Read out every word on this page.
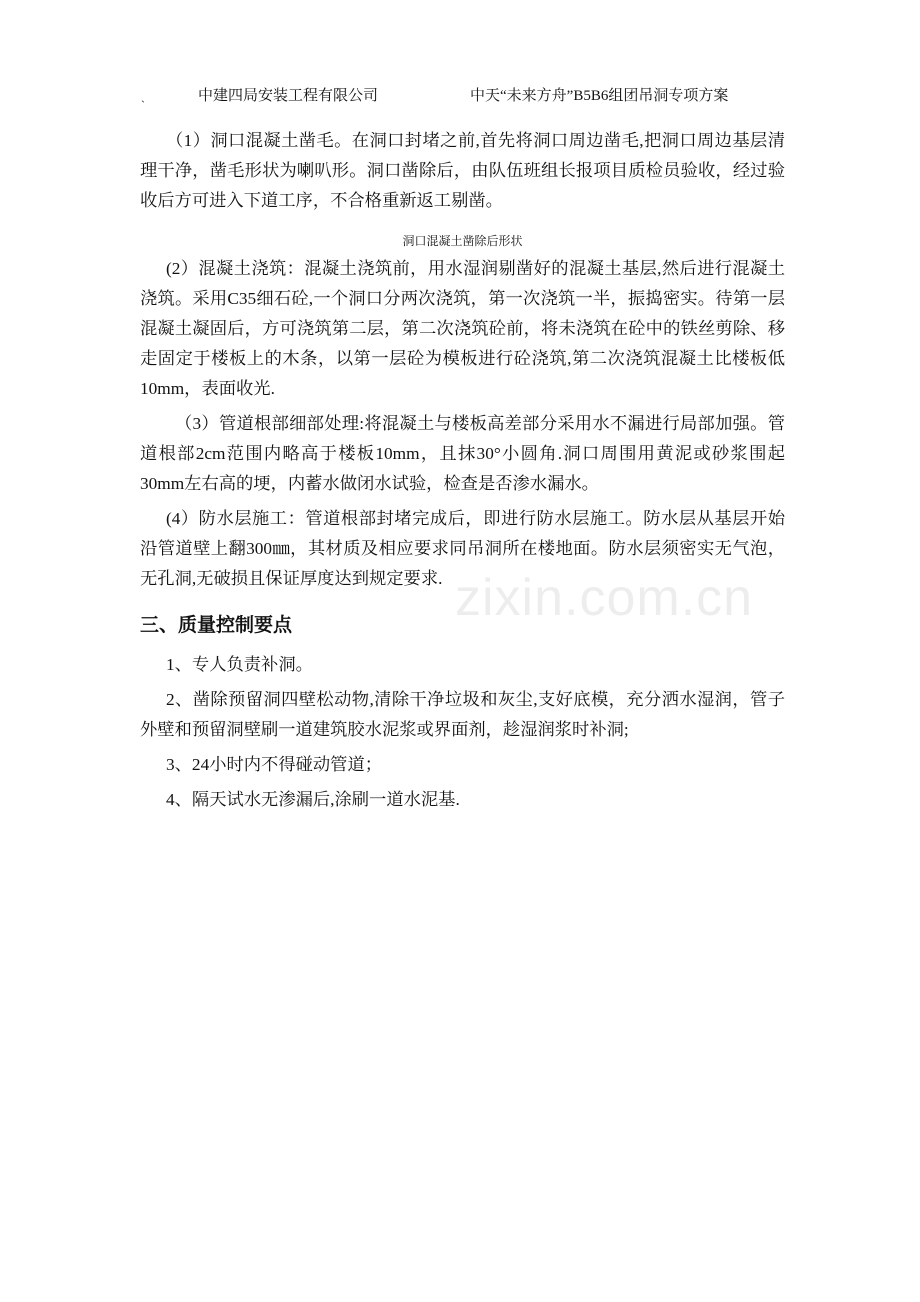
中建四局安装工程有限公司	中天“未来方舟”B5B6组团吊洞专项方案
`

（1）洞口混凝土凿毛。在洞口封堵之前,首先将洞口周边凿毛,把洞口周边基层清理干净，凿毛形状为喇叭形。洞口凿除后，由队伍班组长报项目质检员验收，经过验收后方可进入下道工序，不合格重新返工剔凿。

洞口混凝土凿除后形状

(2）混凝土浇筑：混凝土浇筑前，用水湿润剔凿好的混凝土基层,然后进行混凝土浇筑。采用C35细石砼,一个洞口分两次浇筑，第一次浇筑一半，振捣密实。待第一层混凝土凝固后，方可浇筑第二层，第二次浇筑砼前，将未浇筑在砼中的铁丝剪除、移走固定于楼板上的木条，以第一层砼为模板进行砼浇筑,第二次浇筑混凝土比楼板低10mm，表面收光.

（3）管道根部细部处理:将混凝土与楼板高差部分采用水不漏进行局部加强。管道根部2cm范围内略高于楼板10mm，且抹30°小圆角.洞口周围用黄泥或砂浆围起30mm左右高的埂，内蓄水做闭水试验，检查是否渗水漏水。

(4）防水层施工：管道根部封堵完成后，即进行防水层施工。防水层从基层开始沿管道壁上翻300㎜，其材质及相应要求同吊洞所在楼地面。防水层须密实无气泡，无孔洞,无破损且保证厚度达到规定要求.

三、质量控制要点

1、专人负责补洞。

2、凿除预留洞四壁松动物,清除干净垃圾和灰尘,支好底模，充分洒水湿润，管子外壁和预留洞壁刷一道建筑胶水泥浆或界面剂，趁湿润浆时补洞;

3、24小时内不得碰动管道；

4、隔天试水无渗漏后,涂刷一道水泥基.

zixin.com.cn
